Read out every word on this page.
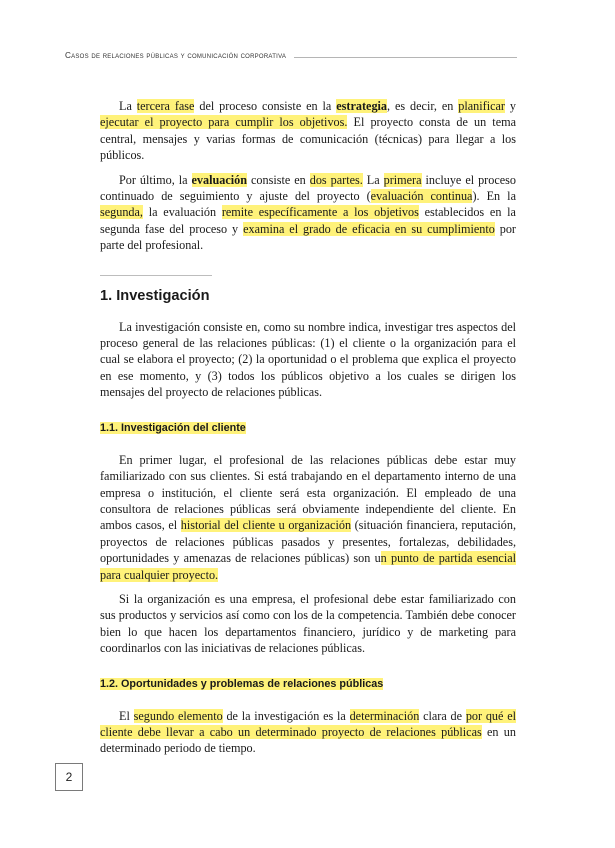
Casos de relaciones públicas y comunicación corporativa

La tercera fase del proceso consiste en la estrategia, es decir, en planificar y ejecutar el proyecto para cumplir los objetivos. El proyecto consta de un tema central, mensajes y varias formas de comunicación (técnicas) para llegar a los públicos.

Por último, la evaluación consiste en dos partes. La primera incluye el proceso continuado de seguimiento y ajuste del proyecto (evaluación continua). En la segunda, la evaluación remite específicamente a los objetivos establecidos en la segunda fase del proceso y examina el grado de eficacia en su cumplimiento por parte del profesional.

1. Investigación

La investigación consiste en, como su nombre indica, investigar tres aspectos del proceso general de las relaciones públicas: (1) el cliente o la organización para el cual se elabora el proyecto; (2) la oportunidad o el problema que explica el proyecto en ese momento, y (3) todos los públicos objetivo a los cuales se dirigen los mensajes del proyecto de relaciones públicas.

1.1. Investigación del cliente

En primer lugar, el profesional de las relaciones públicas debe estar muy familiarizado con sus clientes. Si está trabajando en el departamento interno de una empresa o institución, el cliente será esta organización. El empleado de una consultora de relaciones públicas será obviamente independiente del cliente. En ambos casos, el historial del cliente u organización (situación financiera, reputación, proyectos de relaciones públicas pasados y presentes, fortalezas, debilidades, oportunidades y amenazas de relaciones públicas) son un punto de partida esencial para cualquier proyecto.

Si la organización es una empresa, el profesional debe estar familiarizado con sus productos y servicios así como con los de la competencia. También debe conocer bien lo que hacen los departamentos financiero, jurídico y de marketing para coordinarlos con las iniciativas de relaciones públicas.

1.2. Oportunidades y problemas de relaciones públicas

El segundo elemento de la investigación es la determinación clara de por qué el cliente debe llevar a cabo un determinado proyecto de relaciones públicas en un determinado periodo de tiempo.

2
